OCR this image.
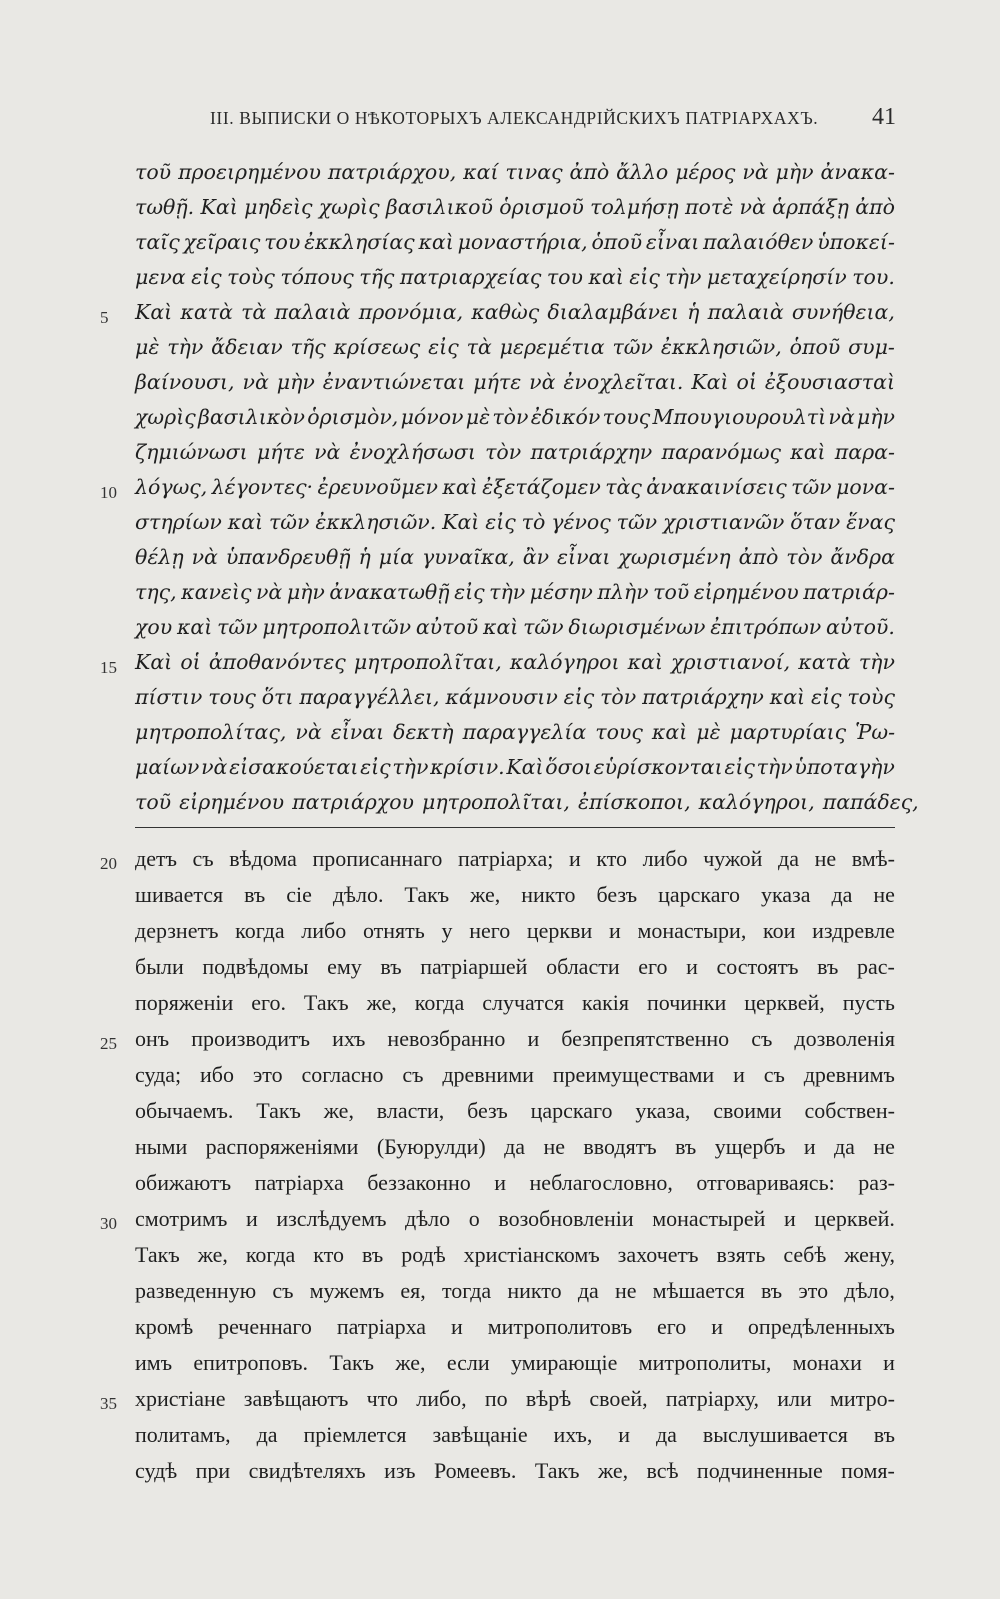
III. ВЫПИСКИ О НѢКОТОРЫХЪ АЛЕКСАНДРІЙСКИХЪ ПАТРІАРХАХЪ. 41
τοῦ προειρημένου πατριάρχου, καί τινας ἀπὸ ἄλλο μέρος νὰ μὴν ἀνακα-
τωθῇ. Καὶ μηδεὶς χωρὶς βασιλικοῦ ὁρισμοῦ τολμήσῃ ποτὲ νὰ ἁρπάξῃ ἀπὸ
ταῖς χεῖραις του ἐκκλησίας καὶ μοναστήρια, ὁποῦ εἶναι παλαιόθεν ὑποκεί-
μενα εἰς τοὺς τόπους τῆς πατριαρχείας του καὶ εἰς τὴν μεταχείρησίν του.
Καὶ κατὰ τὰ παλαιὰ προνόμια, καθὼς διαλαμβάνει ἡ παλαιὰ συνήθεια,
μὲ τὴν ἄδειαν τῆς κρίσεως εἰς τὰ μερεμέτια τῶν ἐκκλησιῶν, ὁποῦ συμ-
βαίνουσι, νὰ μὴν ἐναντιώνεται μήτε νὰ ἐνοχλεῖται. Καὶ οἱ ἐξουσιασταὶ
χωρὶς βασιλικὸν ὁρισμὸν, μόνον μὲ τὸν ἐδικόν τους Μπουγιουρουλτὶ νὰ μὴν
ζημιώνωσι μήτε νὰ ἐνοχλήσωσι τὸν πατριάρχην παρανόμως καὶ παρα-
λόγως, λέγοντες· ἐρευνοῦμεν καὶ ἐξετάζομεν τὰς ἀνακαινίσεις τῶν μονα-
στηρίων καὶ τῶν ἐκκλησιῶν. Καὶ εἰς τὸ γένος τῶν χριστιανῶν ὅταν ἕνας
θέλῃ νὰ ὑπανδρευθῇ ἡ μία γυναῖκα, ἂν εἶναι χωρισμένη ἀπὸ τὸν ἄνδρα
της, κανεὶς νὰ μὴν ἀνακατωθῇ εἰς τὴν μέσην πλὴν τοῦ εἰρημένου πατριάρ-
χου καὶ τῶν μητροπολιτῶν αὐτοῦ καὶ τῶν διωρισμένων ἐπιτρόπων αὐτοῦ.
Καὶ οἱ ἀποθανόντες μητροπολῖται, καλόγηροι καὶ χριστιανοί, κατὰ τὴν
πίστιν τους ὅτι παραγγέλλει, κάμνουσιν εἰς τὸν πατριάρχην καὶ εἰς τοὺς
μητροπολίτας, νὰ εἶναι δεκτὴ παραγγελία τους καὶ μὲ μαρτυρίαις Ῥω-
μαίων νὰ εἰσακούεται εἰς τὴν κρίσιν. Καὶ ὅσοι εὑρίσκονται εἰς τὴν ὑποταγὴν
τοῦ εἰρημένου πατριάρχου μητροπολῖται, ἐπίσκοποι, καλόγηροι, παπάδες,
5
10
15
детъ съ вѣдома прописаннаго патріарха; и кто либо чужой да не вмѣ-
шивается въ сіе дѣло. Такъ же, никто безъ царскаго указа да не
дерзнетъ когда либо отнять у него церкви и монастыри, кои издревле
были подвѣдомы ему въ патріаршей области его и состоятъ въ рас-
поряженіи его. Такъ же, когда случатся какія починки церквей, пусть
онъ производитъ ихъ невозбранно и безпрепятственно съ дозволенія
суда; ибо это согласно съ древними преимуществами и съ древнимъ
обычаемъ. Такъ же, власти, безъ царскаго указа, своими собствен-
ными распоряженіями (Буюрулди) да не вводятъ въ ущербъ и да не
обижаютъ патріарха беззаконно и неблагословно, отговариваясь: раз-
смотримъ и изслѣдуемъ дѣло о возобновленіи монастырей и церквей.
Такъ же, когда кто въ родѣ христіанскомъ захочетъ взять себѣ жену,
разведенную съ мужемъ ея, тогда никто да не мѣшается въ это дѣло,
кромѣ реченнаго патріарха и митрополитовъ его и опредѣленныхъ
имъ епитроповъ. Такъ же, если умирающіе митрополиты, монахи и
христіане завѣщаютъ что либо, по вѣрѣ своей, патріарху, или митро-
политамъ, да пріемлется завѣщаніе ихъ, и да выслушивается въ
судѣ при свидѣтеляхъ изъ Ромеевъ. Такъ же, всѣ подчиненные помя-
20
25
30
35
